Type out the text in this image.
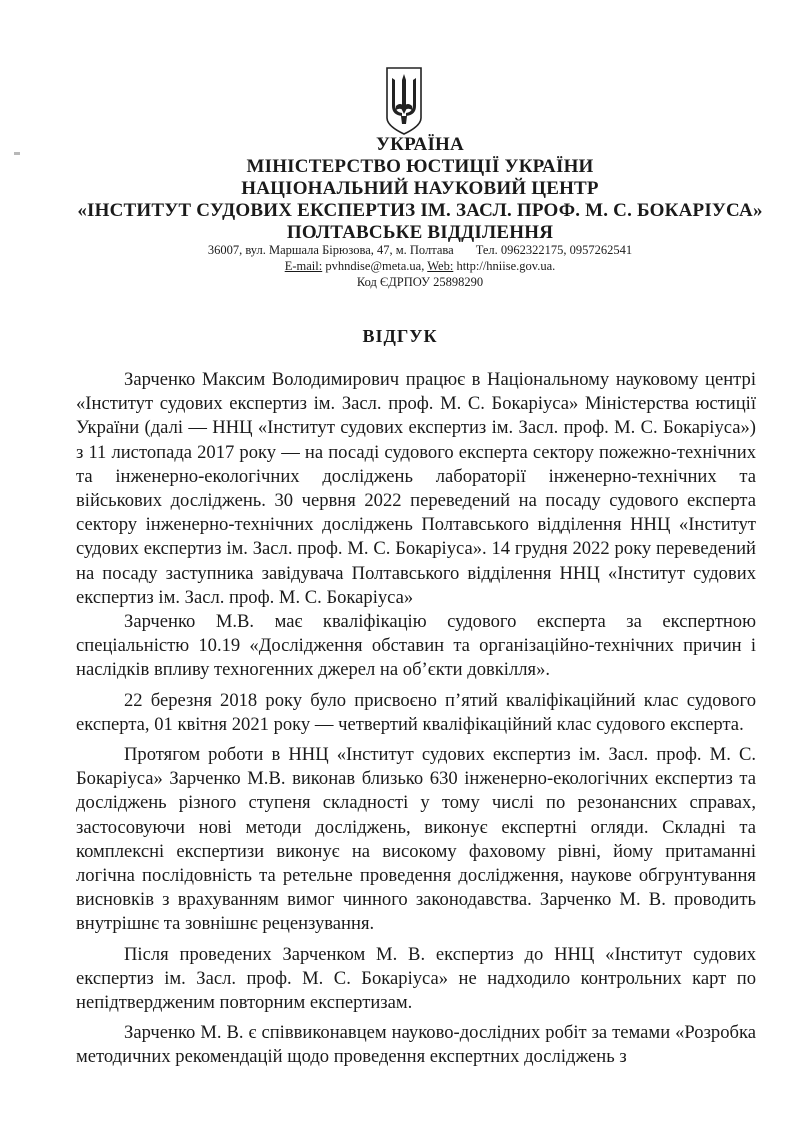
УКРАЇНА
МІНІСТЕРСТВО ЮСТИЦІЇ УКРАЇНИ
НАЦІОНАЛЬНИЙ НАУКОВИЙ ЦЕНТР
«ІНСТИТУТ СУДОВИХ ЕКСПЕРТИЗ ІМ. ЗАСЛ. ПРОФ. М. С. БОКАРІУСА»
ПОЛТАВСЬКЕ ВІДДІЛЕННЯ
36007, вул. Маршала Бірюзова, 47, м. Полтава Тел. 0962322175, 0957262541
E-mail: pvhndise@meta.ua, Web: http://hniise.gov.ua.
Код ЄДРПОУ 25898290
ВІДГУК

Зарченко Максим Володимирович працює в Національному науковому центрі «Інститут судових експертиз ім. Засл. проф. М. С. Бокаріуса» Міністерства юстиції України (далі — ННЦ «Інститут судових експертиз ім. Засл. проф. М. С. Бокаріуса») з 11 листопада 2017 року — на посаді судового експерта сектору пожежно-технічних та інженерно-екологічних досліджень лабораторії інженерно-технічних та військових досліджень. 30 червня 2022 переведений на посаду судового експерта сектору інженерно-технічних досліджень Полтавського відділення ННЦ «Інститут судових експертиз ім. Засл. проф. М. С. Бокаріуса». 14 грудня 2022 року переведений на посаду заступника завідувача Полтавського відділення ННЦ «Інститут судових експертиз ім. Засл. проф. М. С. Бокаріуса»

Зарченко М.В. має кваліфікацію судового експерта за експертною спеціальністю 10.19 «Дослідження обставин та організаційно-технічних причин і наслідків впливу техногенних джерел на об’єкти довкілля».

22 березня 2018 року було присвоєно п’ятий кваліфікаційний клас судового експерта, 01 квітня 2021 року — четвертий кваліфікаційний клас судового експерта.

Протягом роботи в ННЦ «Інститут судових експертиз ім. Засл. проф. М. С. Бокаріуса» Зарченко М.В. виконав близько 630 інженерно-екологічних експертиз та досліджень різного ступеня складності у тому числі по резонансних справах, застосовуючи нові методи досліджень, виконує експертні огляди. Складні та комплексні експертизи виконує на високому фаховому рівні, йому притаманні логічна послідовність та ретельне проведення дослідження, наукове обгрунтування висновків з врахуванням вимог чинного законодавства. Зарченко М. В. проводить внутрішнє та зовнішнє рецензування.

Після проведених Зарченком М. В. експертиз до ННЦ «Інститут судових експертиз ім. Засл. проф. М. С. Бокаріуса» не надходило контрольних карт по непідтвердженим повторним експертизам.

Зарченко М. В. є співвиконавцем науково-дослідних робіт за темами «Розробка методичних рекомендацій щодо проведення експертних досліджень з
